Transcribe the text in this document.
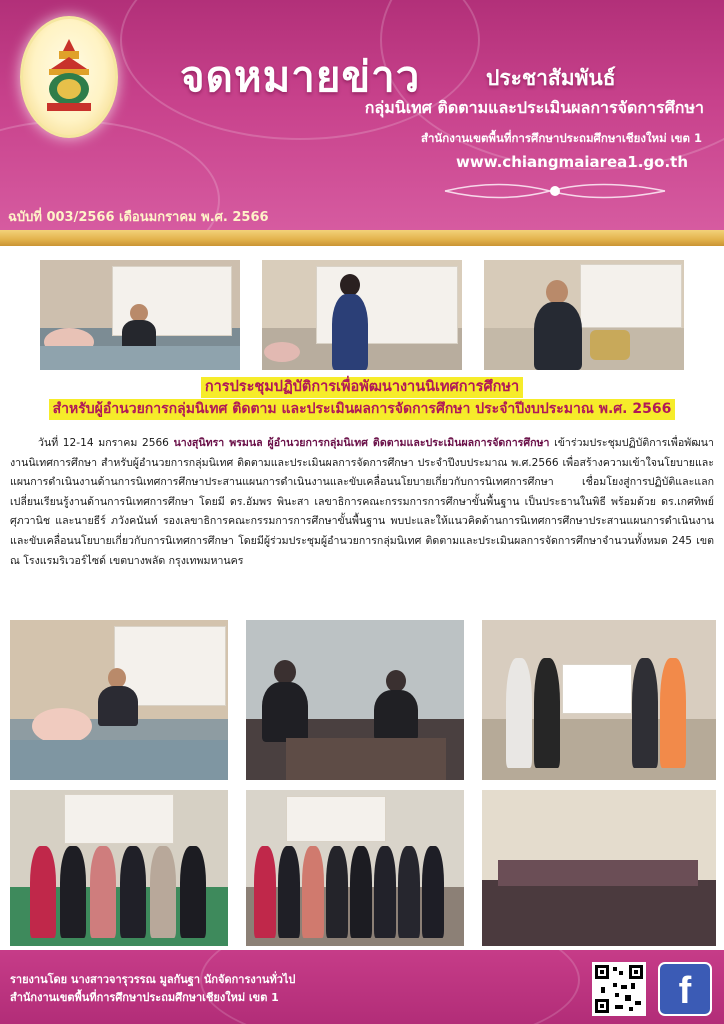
จดหมายข่าว	ประชาสัมพันธ์
กลุ่มนิเทศ ติดตามและประเมินผลการจัดการศึกษา
สำนักงานเขตพื้นที่การศึกษาประถมศึกษาเชียงใหม่ เขต 1
www.chiangmaiarea1.go.th
ฉบับที่ 003/2566 เดือนมกราคม พ.ศ. 2566
การประชุมปฏิบัติการเพื่อพัฒนางานนิเทศการศึกษา
สำหรับผู้อำนวยการกลุ่มนิเทศ ติดตาม และประเมินผลการจัดการศึกษา ประจำปีงบประมาณ พ.ศ. 2566
วันที่ 12-14 มกราคม 2566 นางสุนิทรา พรมนล ผู้อำนวยการกลุ่มนิเทศ ติดตามและประเมินผลการจัดการศึกษา เข้าร่วมประชุมปฏิบัติการเพื่อพัฒนางานนิเทศการศึกษา สำหรับผู้อำนวยการกลุ่มนิเทศ ติดตามและประเมินผลการจัดการศึกษา ประจำปีงบประมาณ พ.ศ.2566 เพื่อสร้างความเข้าใจนโยบายและแผนการดำเนินงานด้านการนิเทศการศึกษาประสานแผนการดำเนินงานและขับเคลื่อนนโยบายเกี่ยวกับการนิเทศการศึกษา เชื่อมโยงสู่การปฏิบัติและแลกเปลี่ยนเรียนรู้งานด้านการนิเทศการศึกษา โดยมี ดร.อัมพร พินะสา เลขาธิการคณะกรรมการการศึกษาขั้นพื้นฐาน เป็นประธานในพิธี พร้อมด้วย ดร.เกศทิพย์ ศุภวานิช และนายธีร์ ภวังคนันท์ รองเลขาธิการคณะกรรมการการศึกษาขั้นพื้นฐาน พบปะและให้แนวคิดด้านการนิเทศการศึกษาประสานแผนการดำเนินงานและขับเคลื่อนนโยบายเกี่ยวกับการนิเทศการศึกษา โดยมีผู้ร่วมประชุมผู้อำนวยการกลุ่มนิเทศ ติดตามและประเมินผลการจัดการศึกษาจำนวนทั้งหมด 245 เขต ณ โรงแรมริเวอร์ไซด์ เขตบางพลัด กรุงเทพมหานคร
รายงานโดย นางสาวจารุวรรณ มูลกันฐา นักจัดการงานทั่วไป
สำนักงานเขตพื้นที่การศึกษาประถมศึกษาเชียงใหม่ เขต 1	f
